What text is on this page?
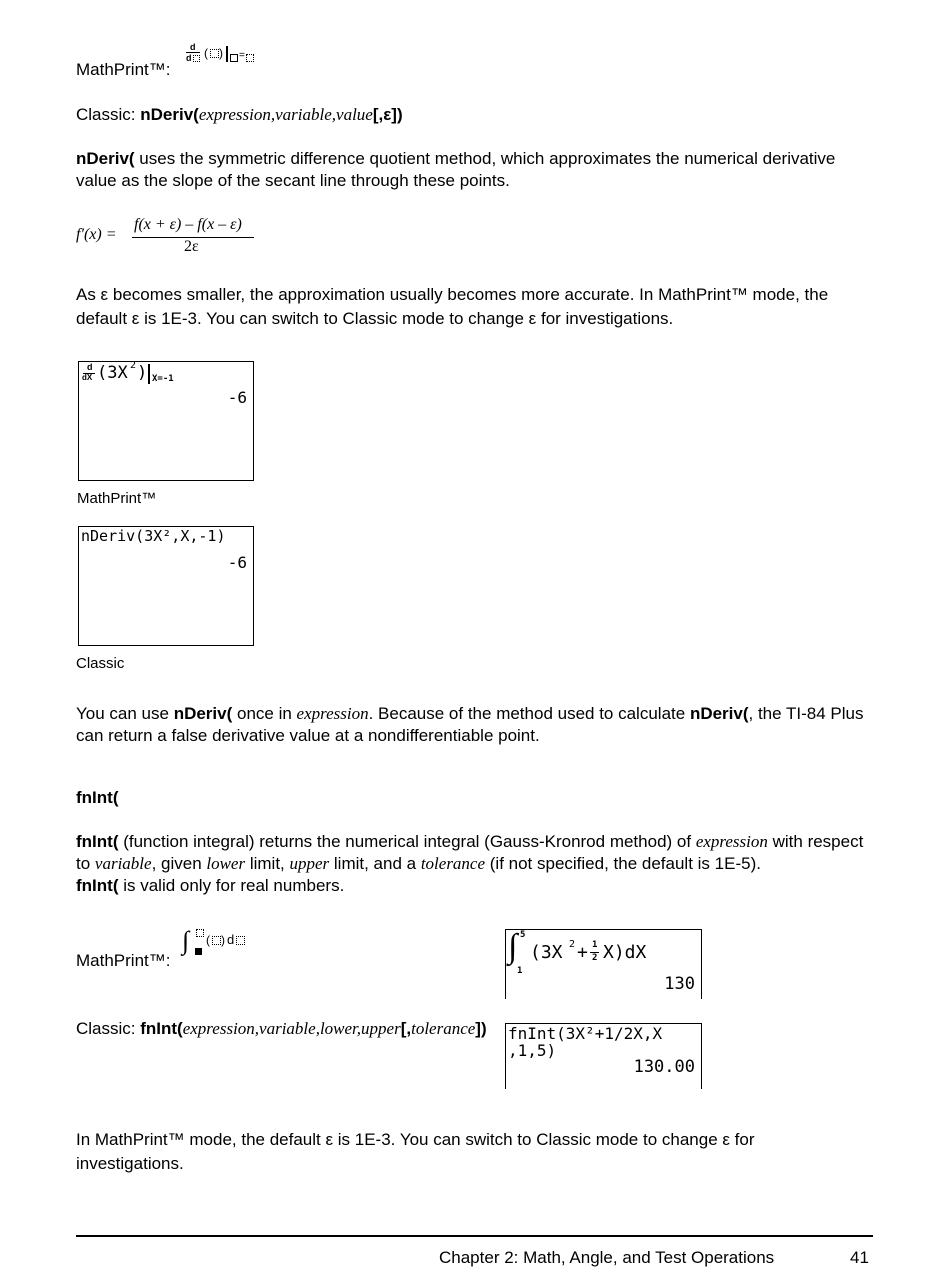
MathPrint™:
d
d ( ) =
Classic: nDeriv(expression,variable,value[,ε])
nDeriv( uses the symmetric difference quotient method, which approximates the numerical derivative value as the slope of the secant line through these points.
f′(x) =
f(x + ε) – f(x – ε)
2ε
As ε becomes smaller, the approximation usually becomes more accurate. In MathPrint™ mode, the default ε is 1E-3. You can switch to Classic mode to change ε for investigations.
d
dX (3X 2 ) X=-1
-6
MathPrint™
nDeriv(3X²,X,-1)
-6
Classic
You can use nDeriv( once in expression. Because of the method used to calculate nDeriv(, the TI-84 Plus can return a false derivative value at a nondifferentiable point.
fnInt(
fnInt( (function integral) returns the numerical integral (Gauss-Kronrod method) of expression with respect to variable, given lower limit, upper limit, and a tolerance (if not specified, the default is 1E-5).
fnInt( is valid only for real numbers.
MathPrint™:
∫ ( ) d	∫ 5
1
(3X 2 + 1
2 X)dX
130
Classic: fnInt(expression,variable,lower,upper[,tolerance]) fnInt(3X²+1/2X,X
,1,5)
130.00
In MathPrint™ mode, the default ε is 1E-3. You can switch to Classic mode to change ε for investigations.
Chapter 2: Math, Angle, and Test Operations	41
